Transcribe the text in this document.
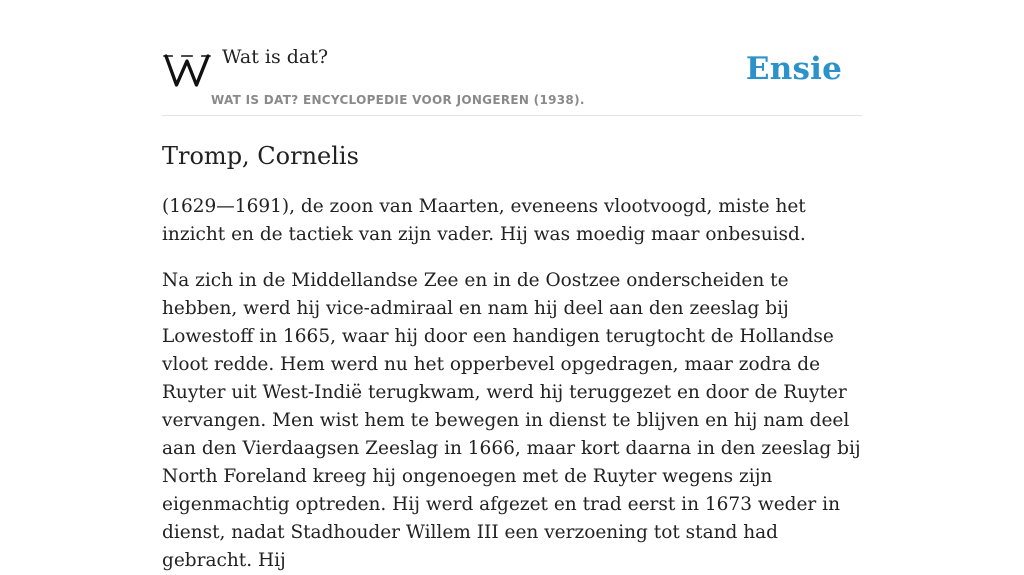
Wat is dat?
WAT IS DAT? ENCYCLOPEDIE VOOR JONGEREN (1938).
Ensie
Tromp, Cornelis

(1629—1691), de zoon van Maarten, eveneens vlootvoogd, miste het inzicht en de tactiek van zijn vader. Hij was moedig maar onbesuisd.

Na zich in de Middellandse Zee en in de Oostzee onderscheiden te hebben, werd hij vice-admiraal en nam hij deel aan den zeeslag bij Lowestoff in 1665, waar hij door een handigen terugtocht de Hollandse vloot redde. Hem werd nu het opperbevel opgedragen, maar zodra de Ruyter uit West-Indië terugkwam, werd hij teruggezet en door de Ruyter vervangen. Men wist hem te bewegen in dienst te blijven en hij nam deel aan den Vierdaagsen Zeeslag in 1666, maar kort daarna in den zeeslag bij North Foreland kreeg hij ongenoegen met de Ruyter wegens zijn eigenmachtig optreden. Hij werd afgezet en trad eerst in 1673 weder in dienst, nadat Stadhouder Willem III een verzoening tot stand had gebracht. Hij
